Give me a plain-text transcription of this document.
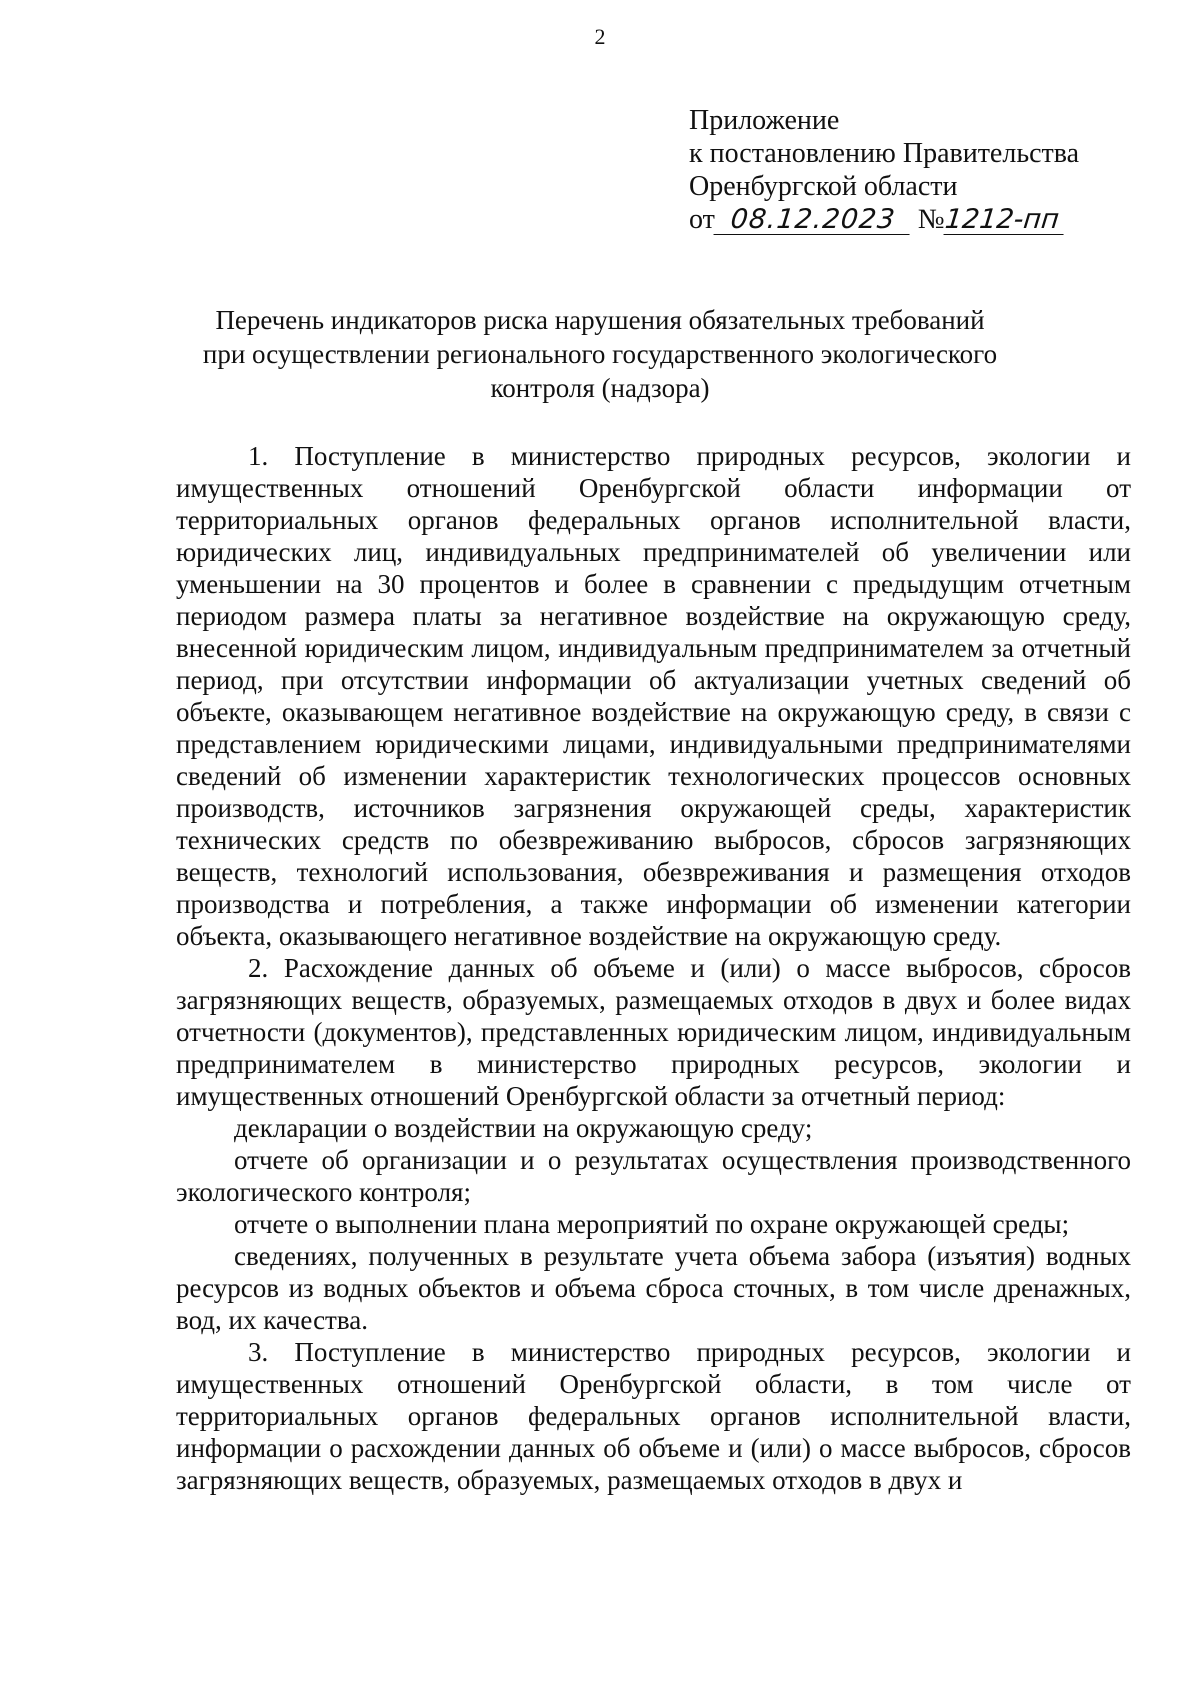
2
Приложение
к постановлению Правительства
Оренбургской области
от 08.12.2023 №1212-пп
Перечень индикаторов риска нарушения обязательных требований
при осуществлении регионального государственного экологического
контроля (надзора)

1. Поступление в министерство природных ресурсов, экологии и имущественных отношений Оренбургской области информации от территориальных органов федеральных органов исполнительной власти, юридических лиц, индивидуальных предпринимателей об увеличении или уменьшении на 30 процентов и более в сравнении с предыдущим отчетным периодом размера платы за негативное воздействие на окружающую среду, внесенной юридическим лицом, индивидуальным предпринимателем за отчетный период, при отсутствии информации об актуализации учетных сведений об объекте, оказывающем негативное воздействие на окружающую среду, в связи с представлением юридическими лицами, индивидуальными предпринимателями сведений об изменении характеристик технологических процессов основных производств, источников загрязнения окружающей среды, характеристик технических средств по обезвреживанию выбросов, сбросов загрязняющих веществ, технологий использования, обезвреживания и размещения отходов производства и потребления, а также информации об изменении категории объекта, оказывающего негативное воздействие на окружающую среду.

2. Расхождение данных об объеме и (или) о массе выбросов, сбросов загрязняющих веществ, образуемых, размещаемых отходов в двух и более видах отчетности (документов), представленных юридическим лицом, индивидуальным предпринимателем в министерство природных ресурсов, экологии и имущественных отношений Оренбургской области за отчетный период:

декларации о воздействии на окружающую среду;

отчете об организации и о результатах осуществления производственного экологического контроля;

отчете о выполнении плана мероприятий по охране окружающей среды;

сведениях, полученных в результате учета объема забора (изъятия) водных ресурсов из водных объектов и объема сброса сточных, в том числе дренажных, вод, их качества.

3. Поступление в министерство природных ресурсов, экологии и имущественных отношений Оренбургской области, в том числе от территориальных органов федеральных органов исполнительной власти, информации о расхождении данных об объеме и (или) о массе выбросов, сбросов загрязняющих веществ, образуемых, размещаемых отходов в двух и
